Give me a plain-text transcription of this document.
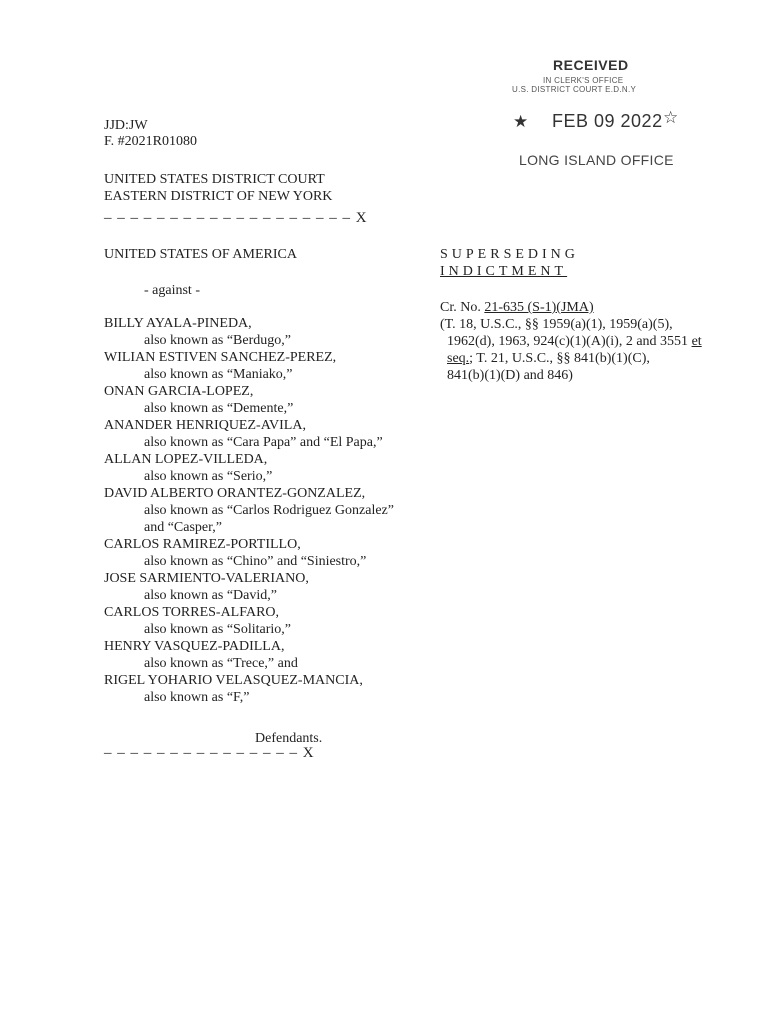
RECEIVED
IN CLERK'S OFFICE
U.S. DISTRICT COURT E.D.N.Y
★ FEB 09 2022 ☆
LONG ISLAND OFFICE
JJD:JW
F. #2021R01080
UNITED STATES DISTRICT COURT
EASTERN DISTRICT OF NEW YORK
– – – – – – – – – – – – – – – – – – – X
UNITED STATES OF AMERICA
- against -
BILLY AYALA-PINEDA,
also known as “Berdugo,”
WILIAN ESTIVEN SANCHEZ-PEREZ,
also known as “Maniako,”
ONAN GARCIA-LOPEZ,
also known as “Demente,”
ANANDER HENRIQUEZ-AVILA,
also known as “Cara Papa” and “El Papa,”
ALLAN LOPEZ-VILLEDA,
also known as “Serio,”
DAVID ALBERTO ORANTEZ-GONZALEZ,
also known as “Carlos Rodriguez Gonzalez”
and “Casper,”
CARLOS RAMIREZ-PORTILLO,
also known as “Chino” and “Siniestro,”
JOSE SARMIENTO-VALERIANO,
also known as “David,”
CARLOS TORRES-ALFARO,
also known as “Solitario,”
HENRY VASQUEZ-PADILLA,
also known as “Trece,” and
RIGEL YOHARIO VELASQUEZ-MANCIA,
also known as “F,”
Defendants.
– – – – – – – – – – – – – – – X
SUPERSEDING
INDICTMENT
Cr. No. 21-635 (S-1)(JMA)
(T. 18, U.S.C., §§ 1959(a)(1), 1959(a)(5),
1962(d), 1963, 924(c)(1)(A)(i), 2 and 3551 et
seq.; T. 21, U.S.C., §§ 841(b)(1)(C),
841(b)(1)(D) and 846)
